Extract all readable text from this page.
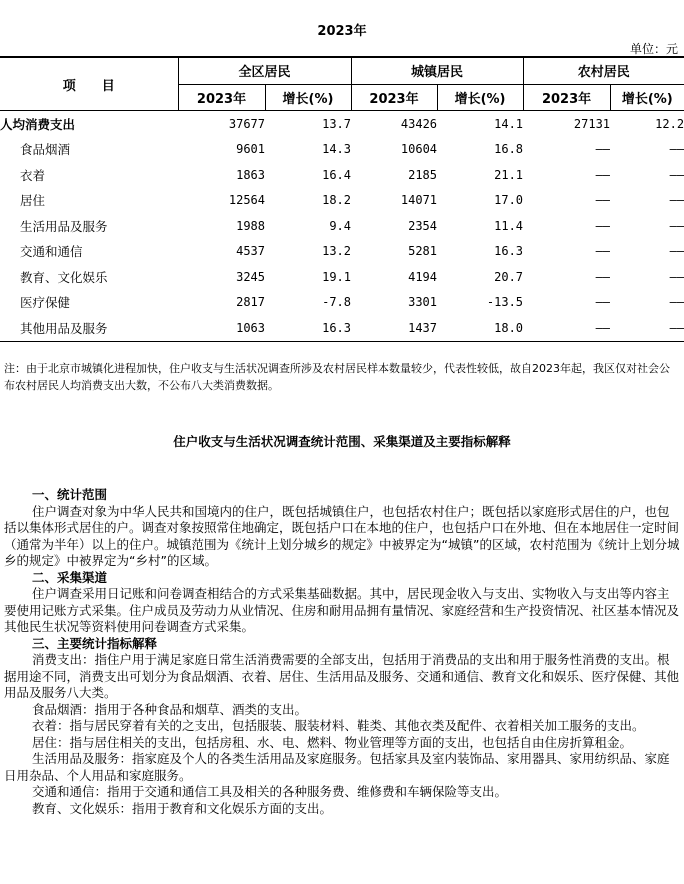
2023年
单位：元
项　　目	全区居民		城镇居民		农村居民	
	2023年	增长(%)	2023年	增长(%)	2023年	增长(%)
人均消费支出	37677	13.7	43426	14.1	27131	12.2
食品烟酒	9601	14.3	10604	16.8	——	——
衣着	1863	16.4	2185	21.1	——	——
居住	12564	18.2	14071	17.0	——	——
生活用品及服务	1988	9.4	2354	11.4	——	——
交通和通信	4537	13.2	5281	16.3	——	——
教育、文化娱乐	3245	19.1	4194	20.7	——	——
医疗保健	2817	-7.8	3301	-13.5	——	——
其他用品及服务	1063	16.3	1437	18.0	——	——
注：由于北京市城镇化进程加快，住户收支与生活状况调查所涉及农村居民样本数量较少，代表性较低，故自2023年起，我区仅对社会公布农村居民人均消费支出大数，不公布八大类消费数据。
住户收支与生活状况调查统计范围、采集渠道及主要指标解释

一、统计范围

住户调查对象为中华人民共和国境内的住户，既包括城镇住户，也包括农村住户；既包括以家庭形式居住的户，也包括以集体形式居住的户。调查对象按照常住地确定，既包括户口在本地的住户，也包括户口在外地、但在本地居住一定时间（通常为半年）以上的住户。城镇范围为《统计上划分城乡的规定》中被界定为“城镇”的区域，农村范围为《统计上划分城乡的规定》中被界定为“乡村”的区域。

二、采集渠道

住户调查采用日记账和问卷调查相结合的方式采集基础数据。其中，居民现金收入与支出、实物收入与支出等内容主要使用记账方式采集。住户成员及劳动力从业情况、住房和耐用品拥有量情况、家庭经营和生产投资情况、社区基本情况及其他民生状况等资料使用问卷调查方式采集。

三、主要统计指标解释

消费支出：指住户用于满足家庭日常生活消费需要的全部支出，包括用于消费品的支出和用于服务性消费的支出。根据用途不同，消费支出可划分为食品烟酒、衣着、居住、生活用品及服务、交通和通信、教育文化和娱乐、医疗保健、其他用品及服务八大类。

食品烟酒：指用于各种食品和烟草、酒类的支出。

衣着：指与居民穿着有关的之支出，包括服装、服装材料、鞋类、其他衣类及配件、衣着相关加工服务的支出。

居住：指与居住相关的支出，包括房租、水、电、燃料、物业管理等方面的支出，也包括自由住房折算租金。

生活用品及服务：指家庭及个人的各类生活用品及家庭服务。包括家具及室内装饰品、家用器具、家用纺织品、家庭日用杂品、个人用品和家庭服务。

交通和通信：指用于交通和通信工具及相关的各种服务费、维修费和车辆保险等支出。

教育、文化娱乐：指用于教育和文化娱乐方面的支出。
